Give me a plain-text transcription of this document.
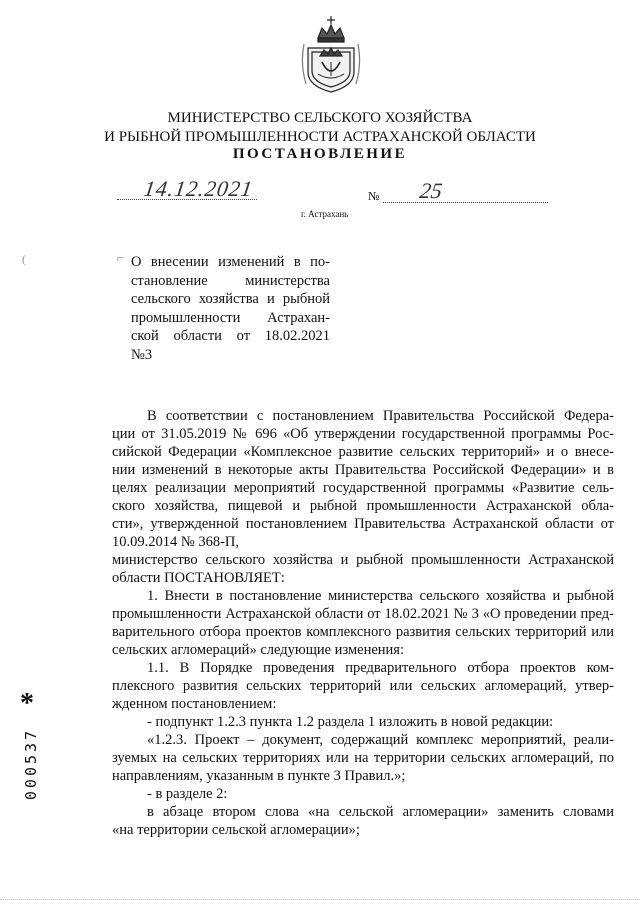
МИНИСТЕРСТВО СЕЛЬСКОГО ХОЗЯЙСТВА
И РЫБНОЙ ПРОМЫШЛЕННОСТИ АСТРАХАНСКОЙ ОБЛАСТИ
ПОСТАНОВЛЕНИЕ
14.12.2021	№ 25
г. Астрахань
(	⌐ О внесении изменений в по-
становление министерства
сельского хозяйства и рыбной
промышленности Астрахан-
ской области от 18.02.2021
№3
В соответствии с постановлением Правительства Российской Федера-
ции от 31.05.2019 № 696 «Об утверждении государственной программы Рос-
сийской Федерации «Комплексное развитие сельских территорий» и о внесе-
нии изменений в некоторые акты Правительства Российской Федерации» и в
целях реализации мероприятий государственной программы «Развитие сель-
ского хозяйства, пищевой и рыбной промышленности Астраханской обла-
сти», утвержденной постановлением Правительства Астраханской области от
10.09.2014 № 368-П,
министерство сельского хозяйства и рыбной промышленности Астраханской
области ПОСТАНОВЛЯЕТ:
1. Внести в постановление министерства сельского хозяйства и рыбной
промышленности Астраханской области от 18.02.2021 № 3 «О проведении пред-
варительного отбора проектов комплексного развития сельских территорий или
сельских агломераций» следующие изменения:
1.1. В Порядке проведения предварительного отбора проектов ком-
плексного развития сельских территорий или сельских агломераций, утвер-
жденном постановлением:
- подпункт 1.2.3 пункта 1.2 раздела 1 изложить в новой редакции:
«1.2.3. Проект – документ, содержащий комплекс мероприятий, реали-
зуемых на сельских территориях или на территории сельских агломераций, по
направлениям, указанным в пункте 3 Правил.»;
- в разделе 2:
в абзаце втором слова «на сельской агломерации» заменить словами
«на территории сельской агломерации»;
*
000537
